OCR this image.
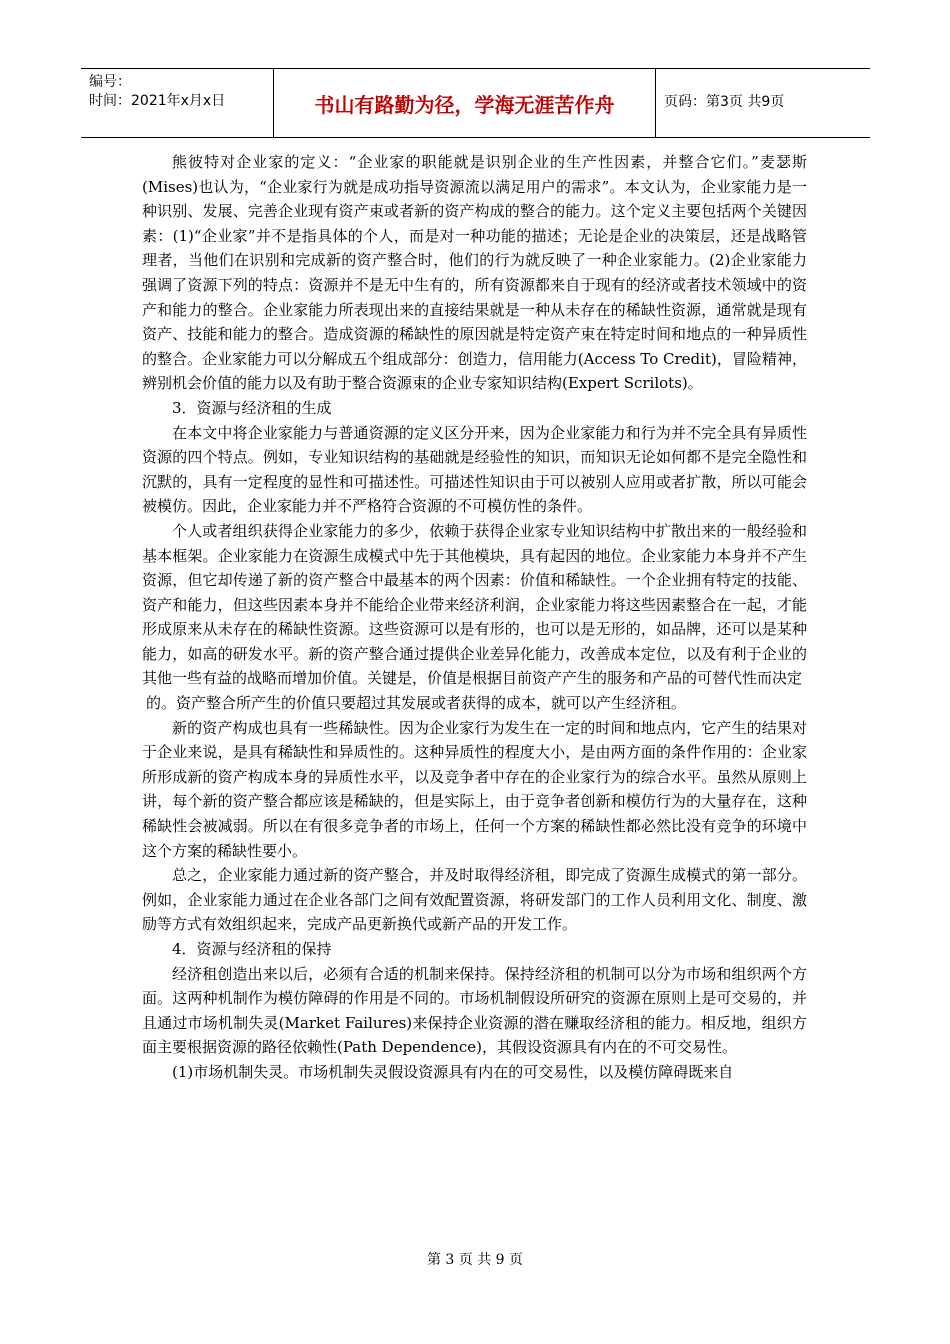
编号：
时间：2021年x月x日	书山有路勤为径，学海无涯苦作舟	页码：第3页 共9页

熊彼特对企业家的定义：“企业家的职能就是识别企业的生产性因素，并整合它们。”麦瑟斯(Mises)也认为，“企业家行为就是成功指导资源流以满足用户的需求”。本文认为，企业家能力是一种识别、发展、完善企业现有资产束或者新的资产构成的整合的能力。这个定义主要包括两个关键因素：(1)“企业家”并不是指具体的个人，而是对一种功能的描述；无论是企业的决策层，还是战略管理者，当他们在识别和完成新的资产整合时，他们的行为就反映了一种企业家能力。(2)企业家能力强调了资源下列的特点：资源并不是无中生有的，所有资源都来自于现有的经济或者技术领域中的资产和能力的整合。企业家能力所表现出来的直接结果就是一种从未存在的稀缺性资源，通常就是现有资产、技能和能力的整合。造成资源的稀缺性的原因就是特定资产束在特定时间和地点的一种异质性的整合。企业家能力可以分解成五个组成部分：创造力，信用能力(Access To Credit)，冒险精神，辨别机会价值的能力以及有助于整合资源束的企业专家知识结构(Expert Scrilots)。

3．资源与经济租的生成

在本文中将企业家能力与普通资源的定义区分开来，因为企业家能力和行为并不完全具有异质性资源的四个特点。例如，专业知识结构的基础就是经验性的知识，而知识无论如何都不是完全隐性和沉默的，具有一定程度的显性和可描述性。可描述性知识由于可以被别人应用或者扩散，所以可能会被模仿。因此，企业家能力并不严格符合资源的不可模仿性的条件。

个人或者组织获得企业家能力的多少，依赖于获得企业家专业知识结构中扩散出来的一般经验和基本框架。企业家能力在资源生成模式中先于其他模块，具有起因的地位。企业家能力本身并不产生资源，但它却传递了新的资产整合中最基本的两个因素：价值和稀缺性。一个企业拥有特定的技能、资产和能力，但这些因素本身并不能给企业带来经济利润，企业家能力将这些因素整合在一起，才能形成原来从未存在的稀缺性资源。这些资源可以是有形的，也可以是无形的，如品牌，还可以是某种能力，如高的研发水平。新的资产整合通过提供企业差异化能力，改善成本定位，以及有利于企业的其他一些有益的战略而增加价值。关键是，价值是根据目前资产产生的服务和产品的可替代性而决定

的。资产整合所产生的价值只要超过其发展或者获得的成本，就可以产生经济租。

新的资产构成也具有一些稀缺性。因为企业家行为发生在一定的时间和地点内，它产生的结果对于企业来说，是具有稀缺性和异质性的。这种异质性的程度大小，是由两方面的条件作用的：企业家所形成新的资产构成本身的异质性水平，以及竞争者中存在的企业家行为的综合水平。虽然从原则上讲，每个新的资产整合都应该是稀缺的，但是实际上，由于竞争者创新和模仿行为的大量存在，这种稀缺性会被减弱。所以在有很多竞争者的市场上，任何一个方案的稀缺性都必然比没有竞争的环境中这个方案的稀缺性要小。

总之，企业家能力通过新的资产整合，并及时取得经济租，即完成了资源生成模式的第一部分。例如，企业家能力通过在企业各部门之间有效配置资源，将研发部门的工作人员利用文化、制度、激励等方式有效组织起来，完成产品更新换代或新产品的开发工作。

4．资源与经济租的保持

经济租创造出来以后，必须有合适的机制来保持。保持经济租的机制可以分为市场和组织两个方面。这两种机制作为模仿障碍的作用是不同的。市场机制假设所研究的资源在原则上是可交易的，并且通过市场机制失灵(Market Failures)来保持企业资源的潜在赚取经济租的能力。相反地，组织方面主要根据资源的路径依赖性(Path Dependence)，其假设资源具有内在的不可交易性。

(1)市场机制失灵。市场机制失灵假设资源具有内在的可交易性，以及模仿障碍既来自

第 3 页 共 9 页
